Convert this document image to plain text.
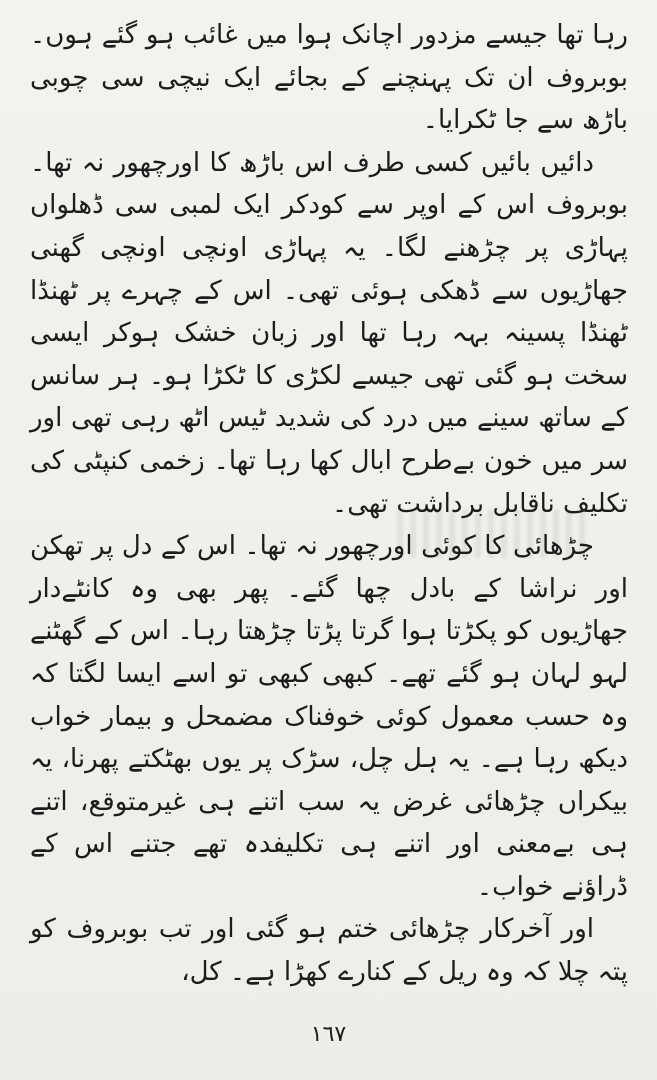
رہا تھا جیسے مزدور اچانک ہوا میں غائب ہو گئے ہوں۔ بوبروف ان تک پہنچنے کے بجائے ایک نیچی سی چوبی باڑھ سے جا ٹکرایا۔

دائیں بائیں کسی طرف اس باڑھ کا اورچھور نہ تھا۔ بوبروف اس کے اوپر سے کودکر ایک لمبی سی ڈھلواں پہاڑی پر چڑھنے لگا۔ یہ پہاڑی اونچی اونچی گھنی جھاڑیوں سے ڈھکی ہوئی تھی۔ اس کے چہرے پر ٹھنڈا ٹھنڈا پسینہ بہہ رہا تھا اور زبان خشک ہوکر ایسی سخت ہو گئی تھی جیسے لکڑی کا ٹکڑا ہو۔ ہر سانس کے ساتھ سینے میں درد کی شدید ٹیس اٹھ رہی تھی اور سر میں خون بےطرح ابال کھا رہا تھا۔ زخمی کنپٹی کی تکلیف ناقابل برداشت تھی۔

چڑھائی کا کوئی اورچھور نہ تھا۔ اس کے دل پر تھکن اور نراشا کے بادل چھا گئے۔ پھر بھی وہ کانٹےدار جھاڑیوں کو پکڑتا ہوا گرتا پڑتا چڑھتا رہا۔ اس کے گھٹنے لہو لہان ہو گئے تھے۔ کبھی کبھی تو اسے ایسا لگتا کہ وہ حسب معمول کوئی خوفناک مضمحل و بیمار خواب دیکھ رہا ہے۔ یہ ہل چل، سڑک پر یوں بھٹکتے پھرنا، یہ بیکراں چڑھائی غرض یہ سب اتنے ہی غیرمتوقع، اتنے ہی بےمعنی اور اتنے ہی تکلیفدہ تھے جتنے اس کے ڈراؤنے خواب۔

اور آخرکار چڑھائی ختم ہو گئی اور تب بوبروف کو پتہ چلا کہ وہ ریل کے کنارے کھڑا ہے۔ کل،

۱٦٧
